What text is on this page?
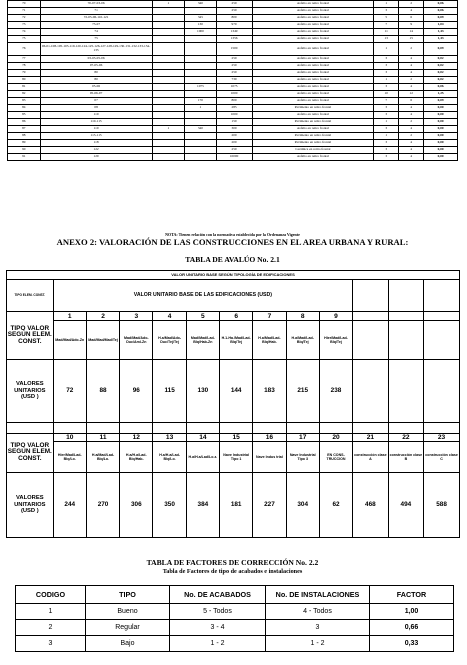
70	70-07-03-06	1	340	250	Asfalto en retiro frontal	1	2	0,06
71	71			250	Asfalto en retiro frontal	3	4	0,06
72	72-05-06-110-121		345	800	Asfalto en retiro frontal	5	6	0,09
73	73-07		130	970	Asfalto en retiro frontal	7	9	1,04
74	74		1000	1349	Asfalto en retiro frontal	11	14	1,43
75	75			1356	Asfalto en retiro frontal	13	15	1,43
76	06-01-108-105-103-119-120-124-125-126-127-128-129-130-131-132-133-134-135			1500	Asfalto en retiro frontal	1	2	0,09
77	03-03-05-06			250	Asfalto en retiro frontal	3	4	0,02
78	07-05-06			250	Asfalto en retiro frontal	3	4	0,02
79	80			250	Asfalto en retiro frontal	3	4	0,02
80	80			730	Asfalto en retiro frontal	1	2	0,02
81	05-06		1075	1075	Asfalto en retiro frontal	3	4	0,06
82	05-06-07			1000	Asfalto en retiro frontal	10	12	1,25
83	07		170	800	Asfalto en retiro frontal	7	6	0,09
84	08		1	285	Pavimento en retiro frontal	3	4	0,00
85	110			1000	Asfalto en retiro frontal	3	4	0,00
86	110-115			150	Pavimento en retiro frontal	1	2	0,00
87	110	1	340	300	Asfalto en retiro frontal	3	4	0,00
88	113-115			200	Pavimento en retiro frontal	1	2	0,00
89	118			200	Pavimento en retiro frontal	3	4	0,00
90	122			250	Cerámica en retiro frontal	3	4	0,00
91	120			10000	Asfalto en retiro frontal	3	4	0,00
NOTA: Tienen relación con la normativa establecida por la Ordenanza Vigente
ANEXO 2: VALORACIÓN DE LAS CONSTRUCCIONES EN EL AREA URBANA Y RURAL:
TABLA DE AVALÚO No. 2.1
VALOR UNITARIO BASE SEGÚN TIPOLOGÍA DE EDIFICACIONES												
TIPO ELEM. CONST.	VALOR UNITARIO BASE DE LAS EDIFICACIONES (USD)											
TIPO VALOR SEGÚN ELEM. CONST.	1	2	3	4	5	6	7	8	9			
	Mad/Mad/Ado-Zn	Mad/Mad/Mad/Tej	Mad/Mad/Ado-Duc/Aml-Zn	H.a/Mad/Ado-Duc/Tej/Tej	Mad/Mad/Lad-Blq/Hab-Zn	H.1-Ha./Mad/Lad-Blq/Tej	H.a/Mad/Lad-Blq/Hab.	H.a/Mad/Lad-Blq/Tej	Hier/Mad/Lad-Blq/Tej			
VALORES UNITARIOS (USD )	72	88	96	115	130	144	183	215	238			

TIPO VALOR SEGÚN ELEM. CONST.	10	11	12	13	14	15	16	17	20	21	22	23
	Hier/Mad/Lad-Blq/Lo.	H.a/Mad/Lad-Blq/Lo.	H.a/H.a/Lad-Blq/Hab-	H.a/H.a/Lad-Blq/Lo.	H.a/H.a/Lad/Lo.z.	Nave Industrial Tipo 1	Nave Indus trial	Nave Industrial Tipo 3	EN CONS-TRUCCION	construcción clase A	construcción clase B	construcción clase C
VALORES UNITARIOS (USD )	244	270	306	350	384	181	227	304	62	468	494	588
TABLA DE FACTORES DE CORRECCIÓN No. 2.2
Tabla de Factores de tipo de acabados e instalaciones
CODIGO	TIPO	No. DE ACABADOS	No. DE INSTALACIONES	FACTOR
1	Bueno	5 - Todos	4 - Todos	1,00
2	Regular	3 - 4	3	0,66
3	Bajo	1 - 2	1 - 2	0,33
